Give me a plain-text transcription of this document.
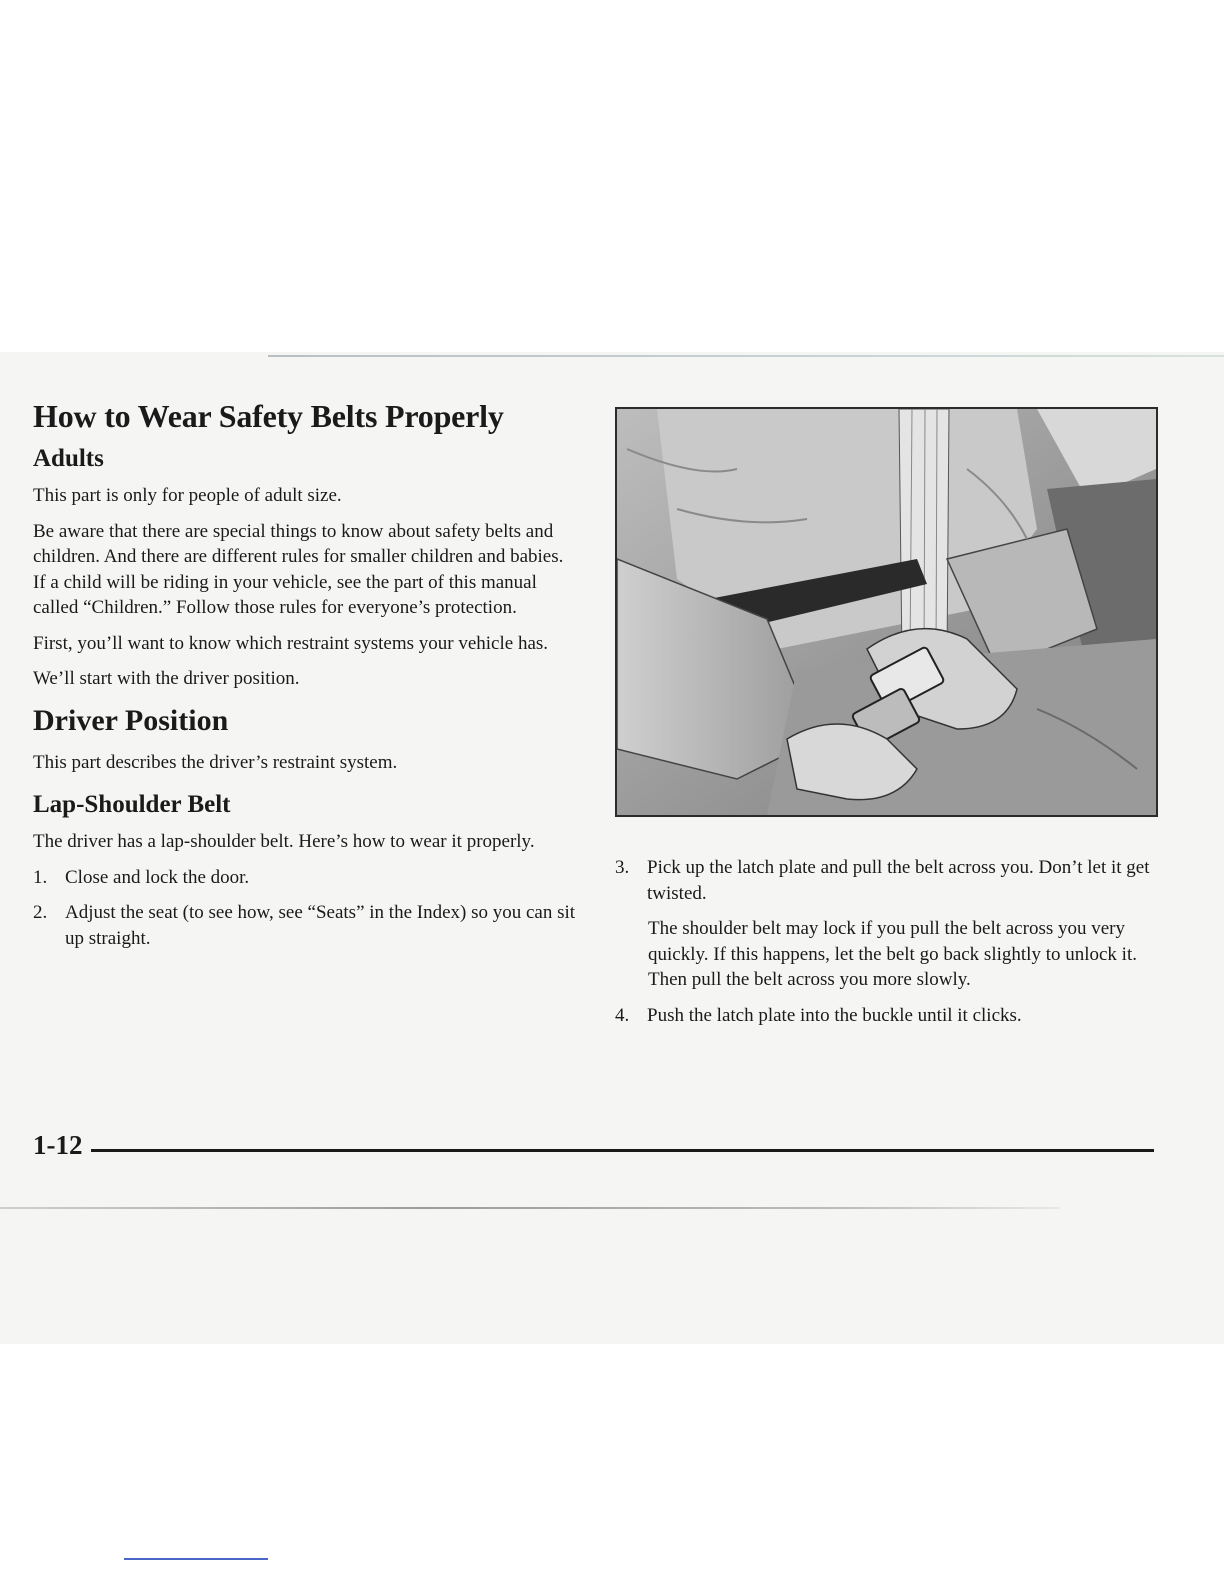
How to Wear Safety Belts Properly
Adults

This part is only for people of adult size.

Be aware that there are special things to know about safety belts and children. And there are different rules for smaller children and babies. If a child will be riding in your vehicle, see the part of this manual called “Children.” Follow those rules for everyone’s protection.

First, you’ll want to know which restraint systems your vehicle has.

We’ll start with the driver position.

Driver Position

This part describes the driver’s restraint system.

Lap-Shoulder Belt

The driver has a lap-shoulder belt. Here’s how to wear it properly.

1. Close and lock the door.
2. Adjust the seat (to see how, see “Seats” in the Index) so you can sit up straight.
3. Pick up the latch plate and pull the belt across you. Don’t let it get twisted.

The shoulder belt may lock if you pull the belt across you very quickly. If this happens, let the belt go back slightly to unlock it. Then pull the belt across you more slowly.

4. Push the latch plate into the buckle until it clicks.
1-12
